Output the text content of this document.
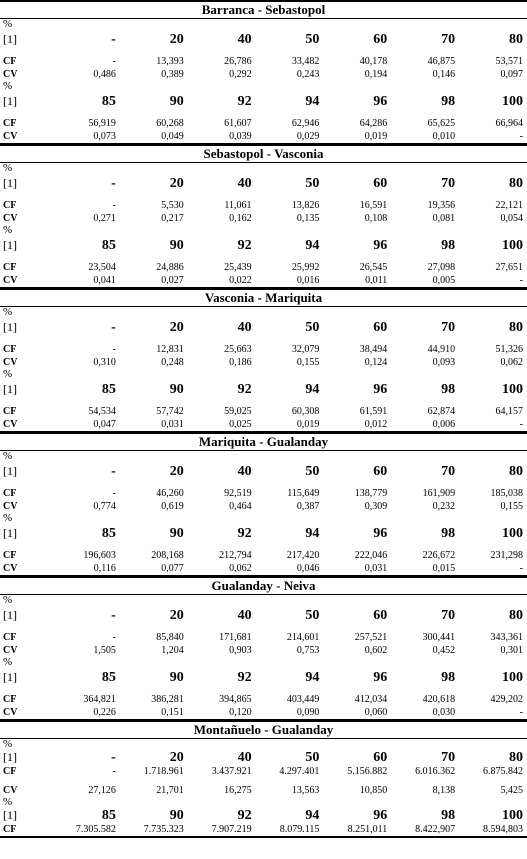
Barranca - Sebastopol
%
[1]	-	20	40	50	60	70	80
CF	-	13,393	26,786	33,482	40,178	46,875	53,571
CV	0,486	0,389	0,292	0,243	0,194	0,146	0,097
%
[1]	85	90	92	94	96	98	100
CF	56,919	60,268	61,607	62,946	64,286	65,625	66,964
CV	0,073	0,049	0,039	0,029	0,019	0,010	-
Sebastopol - Vasconia
%
[1]	-	20	40	50	60	70	80
CF	-	5,530	11,061	13,826	16,591	19,356	22,121
CV	0,271	0,217	0,162	0,135	0,108	0,081	0,054
%
[1]	85	90	92	94	96	98	100
CF	23,504	24,886	25,439	25,992	26,545	27,098	27,651
CV	0,041	0,027	0,022	0,016	0,011	0,005	-
Vasconia - Mariquita
%
[1]	-	20	40	50	60	70	80
CF	-	12,831	25,663	32,079	38,494	44,910	51,326
CV	0,310	0,248	0,186	0,155	0,124	0,093	0,062
%
[1]	85	90	92	94	96	98	100
CF	54,534	57,742	59,025	60,308	61,591	62,874	64,157
CV	0,047	0,031	0,025	0,019	0,012	0,006	-
Mariquita - Gualanday
%
[1]	-	20	40	50	60	70	80
CF	-	46,260	92,519	115,649	138,779	161,909	185,038
CV	0,774	0,619	0,464	0,387	0,309	0,232	0,155
%
[1]	85	90	92	94	96	98	100
CF	196,603	208,168	212,794	217,420	222,046	226,672	231,298
CV	0,116	0,077	0,062	0,046	0,031	0,015	-
Gualanday - Neiva
%
[1]	-	20	40	50	60	70	80
CF	-	85,840	171,681	214,601	257,521	300,441	343,361
CV	1,505	1,204	0,903	0,753	0,602	0,452	0,301
%
[1]	85	90	92	94	96	98	100
CF	364,821	386,281	394,865	403,449	412,034	420,618	429,202
CV	0,226	0,151	0,120	0,090	0,060	0,030	-
Montañuelo - Gualanday
%
[1]	-	20	40	50	60	70	80
CF	-	1.718.961	3.437.921	4.297.401	5.156.882	6.016.362	6.875.842
CV	27,126	21,701	16,275	13,563	10,850	8,138	5,425
%
[1]	85	90	92	94	96	98	100
CF	7.305.582	7.735.323	7.907.219	8.079.115	8.251,011	8.422,907	8.594,803
